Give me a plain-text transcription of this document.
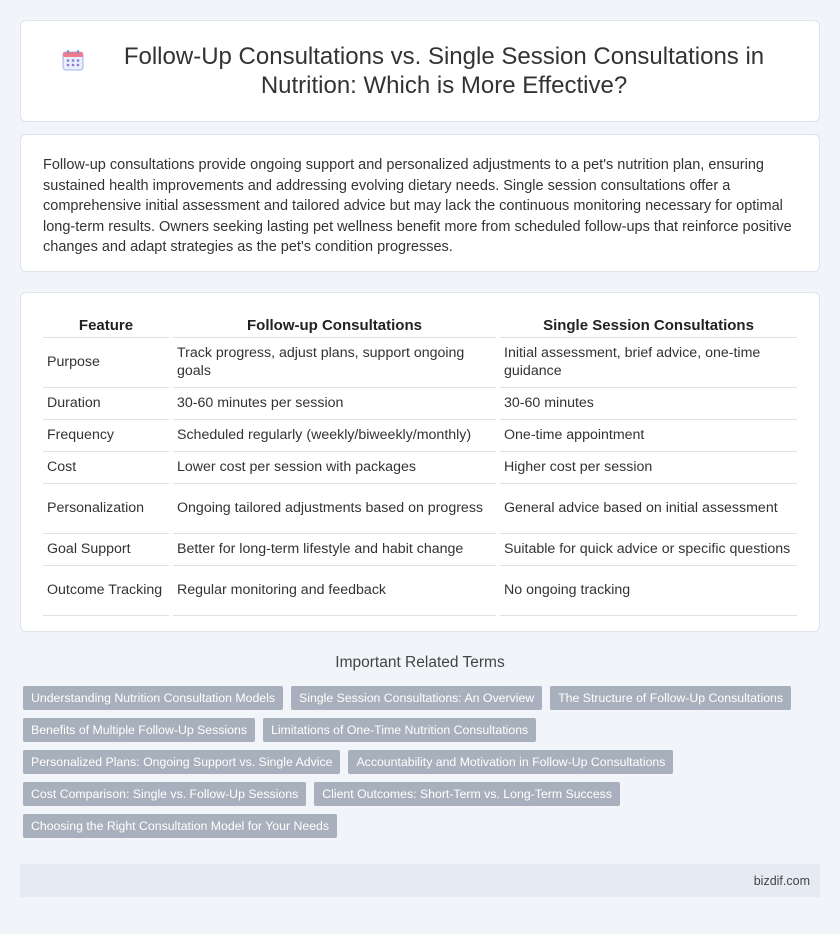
Follow-Up Consultations vs. Single Session Consultations in Nutrition: Which is More Effective?
Follow-up consultations provide ongoing support and personalized adjustments to a pet's nutrition plan, ensuring sustained health improvements and addressing evolving dietary needs. Single session consultations offer a comprehensive initial assessment and tailored advice but may lack the continuous monitoring necessary for optimal long-term results. Owners seeking lasting pet wellness benefit more from scheduled follow-ups that reinforce positive changes and adapt strategies as the pet's condition progresses.
Feature	Follow-up Consultations	Single Session Consultations
Purpose	Track progress, adjust plans, support ongoing goals	Initial assessment, brief advice, one-time guidance
Duration	30-60 minutes per session	30-60 minutes
Frequency	Scheduled regularly (weekly/biweekly/monthly)	One-time appointment
Cost	Lower cost per session with packages	Higher cost per session
Personalization	Ongoing tailored adjustments based on progress	General advice based on initial assessment
Goal Support	Better for long-term lifestyle and habit change	Suitable for quick advice or specific questions
Outcome Tracking	Regular monitoring and feedback	No ongoing tracking
Important Related Terms
Understanding Nutrition Consultation Models	Single Session Consultations: An Overview	The Structure of Follow-Up Consultations
Benefits of Multiple Follow-Up Sessions	Limitations of One-Time Nutrition Consultations
Personalized Plans: Ongoing Support vs. Single Advice	Accountability and Motivation in Follow-Up Consultations
Cost Comparison: Single vs. Follow-Up Sessions	Client Outcomes: Short-Term vs. Long-Term Success
Choosing the Right Consultation Model for Your Needs
bizdif.com
